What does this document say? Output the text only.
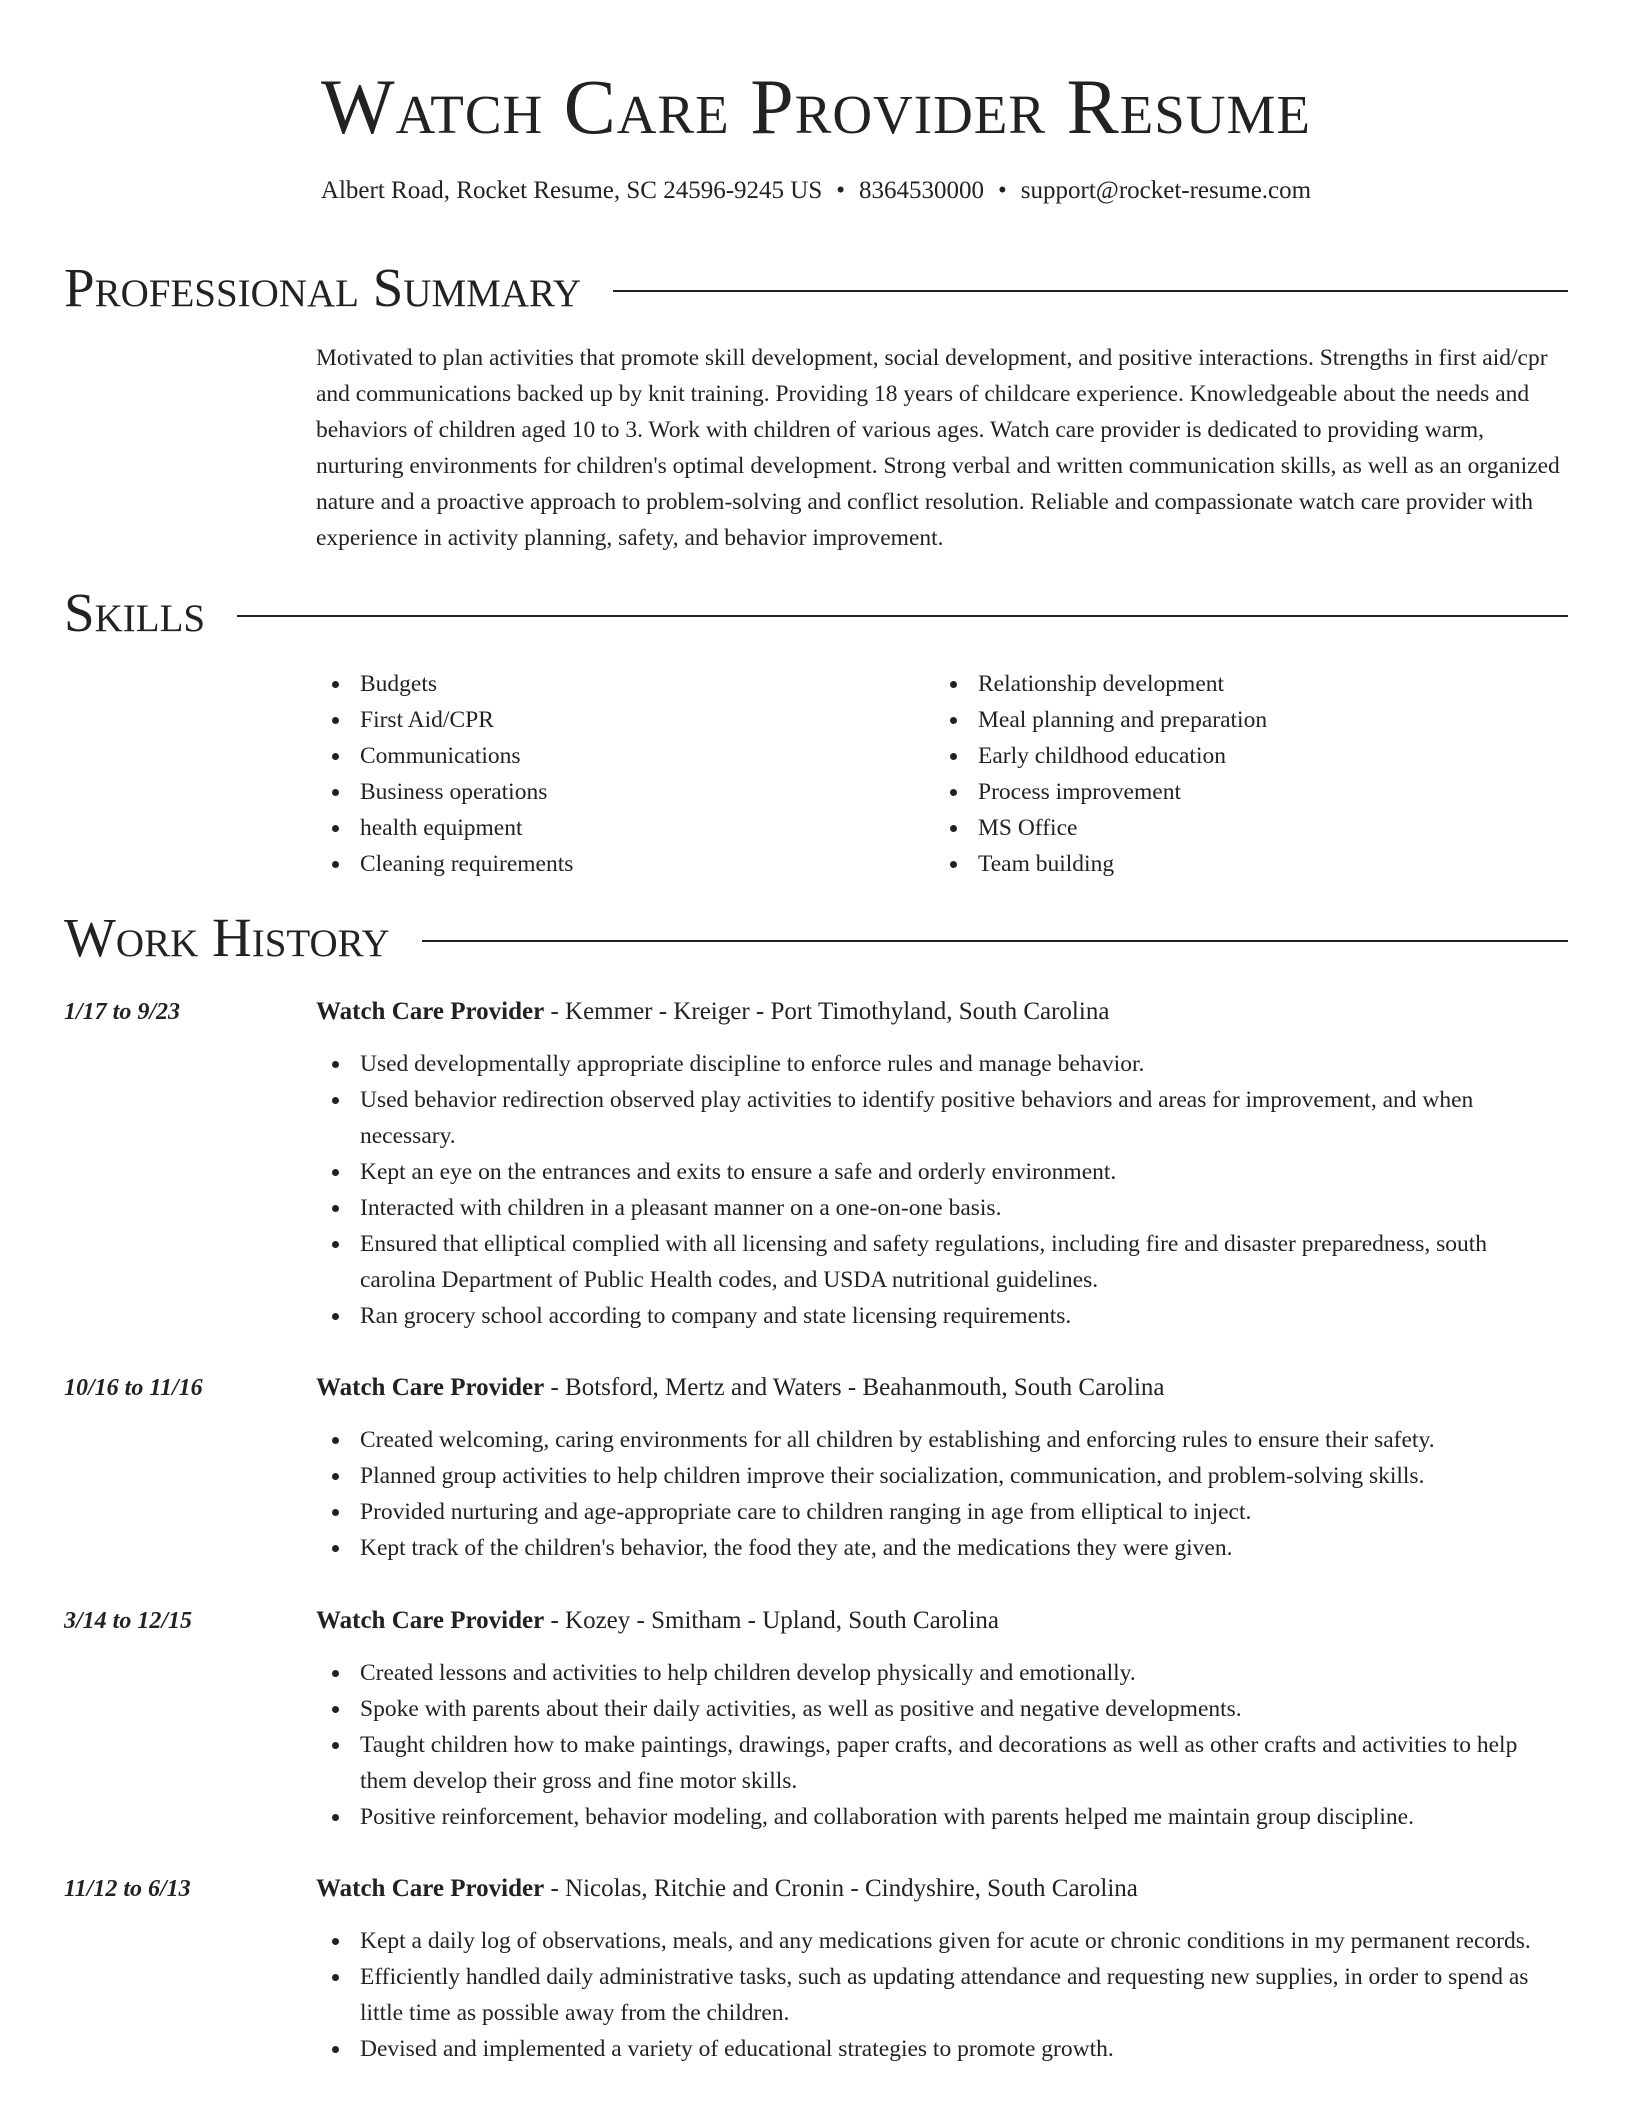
Watch Care Provider Resume
Albert Road, Rocket Resume, SC 24596-9245 US • 8364530000 • support@rocket-resume.com
Professional Summary

Motivated to plan activities that promote skill development, social development, and positive interactions. Strengths in first aid/cpr and communications backed up by knit training. Providing 18 years of childcare experience. Knowledgeable about the needs and behaviors of children aged 10 to 3. Work with children of various ages. Watch care provider is dedicated to providing warm, nurturing environments for children's optimal development. Strong verbal and written communication skills, as well as an organized nature and a proactive approach to problem-solving and conflict resolution. Reliable and compassionate watch care provider with experience in activity planning, safety, and behavior improvement.

Skills
Budgets
First Aid/CPR
Communications
Business operations
health equipment
Cleaning requirements
Relationship development
Meal planning and preparation
Early childhood education
Process improvement
MS Office
Team building
Work History
1/17 to 9/23	Watch Care Provider - Kemmer - Kreiger - Port Timothyland, South Carolina
Used developmentally appropriate discipline to enforce rules and manage behavior.
Used behavior redirection observed play activities to identify positive behaviors and areas for improvement, and when necessary.
Kept an eye on the entrances and exits to ensure a safe and orderly environment.
Interacted with children in a pleasant manner on a one-on-one basis.
Ensured that elliptical complied with all licensing and safety regulations, including fire and disaster preparedness, south carolina Department of Public Health codes, and USDA nutritional guidelines.
Ran grocery school according to company and state licensing requirements.
10/16 to 11/16	Watch Care Provider - Botsford, Mertz and Waters - Beahanmouth, South Carolina
Created welcoming, caring environments for all children by establishing and enforcing rules to ensure their safety.
Planned group activities to help children improve their socialization, communication, and problem-solving skills.
Provided nurturing and age-appropriate care to children ranging in age from elliptical to inject.
Kept track of the children's behavior, the food they ate, and the medications they were given.
3/14 to 12/15	Watch Care Provider - Kozey - Smitham - Upland, South Carolina
Created lessons and activities to help children develop physically and emotionally.
Spoke with parents about their daily activities, as well as positive and negative developments.
Taught children how to make paintings, drawings, paper crafts, and decorations as well as other crafts and activities to help them develop their gross and fine motor skills.
Positive reinforcement, behavior modeling, and collaboration with parents helped me maintain group discipline.
11/12 to 6/13	Watch Care Provider - Nicolas, Ritchie and Cronin - Cindyshire, South Carolina
Kept a daily log of observations, meals, and any medications given for acute or chronic conditions in my permanent records.
Efficiently handled daily administrative tasks, such as updating attendance and requesting new supplies, in order to spend as little time as possible away from the children.
Devised and implemented a variety of educational strategies to promote growth.
